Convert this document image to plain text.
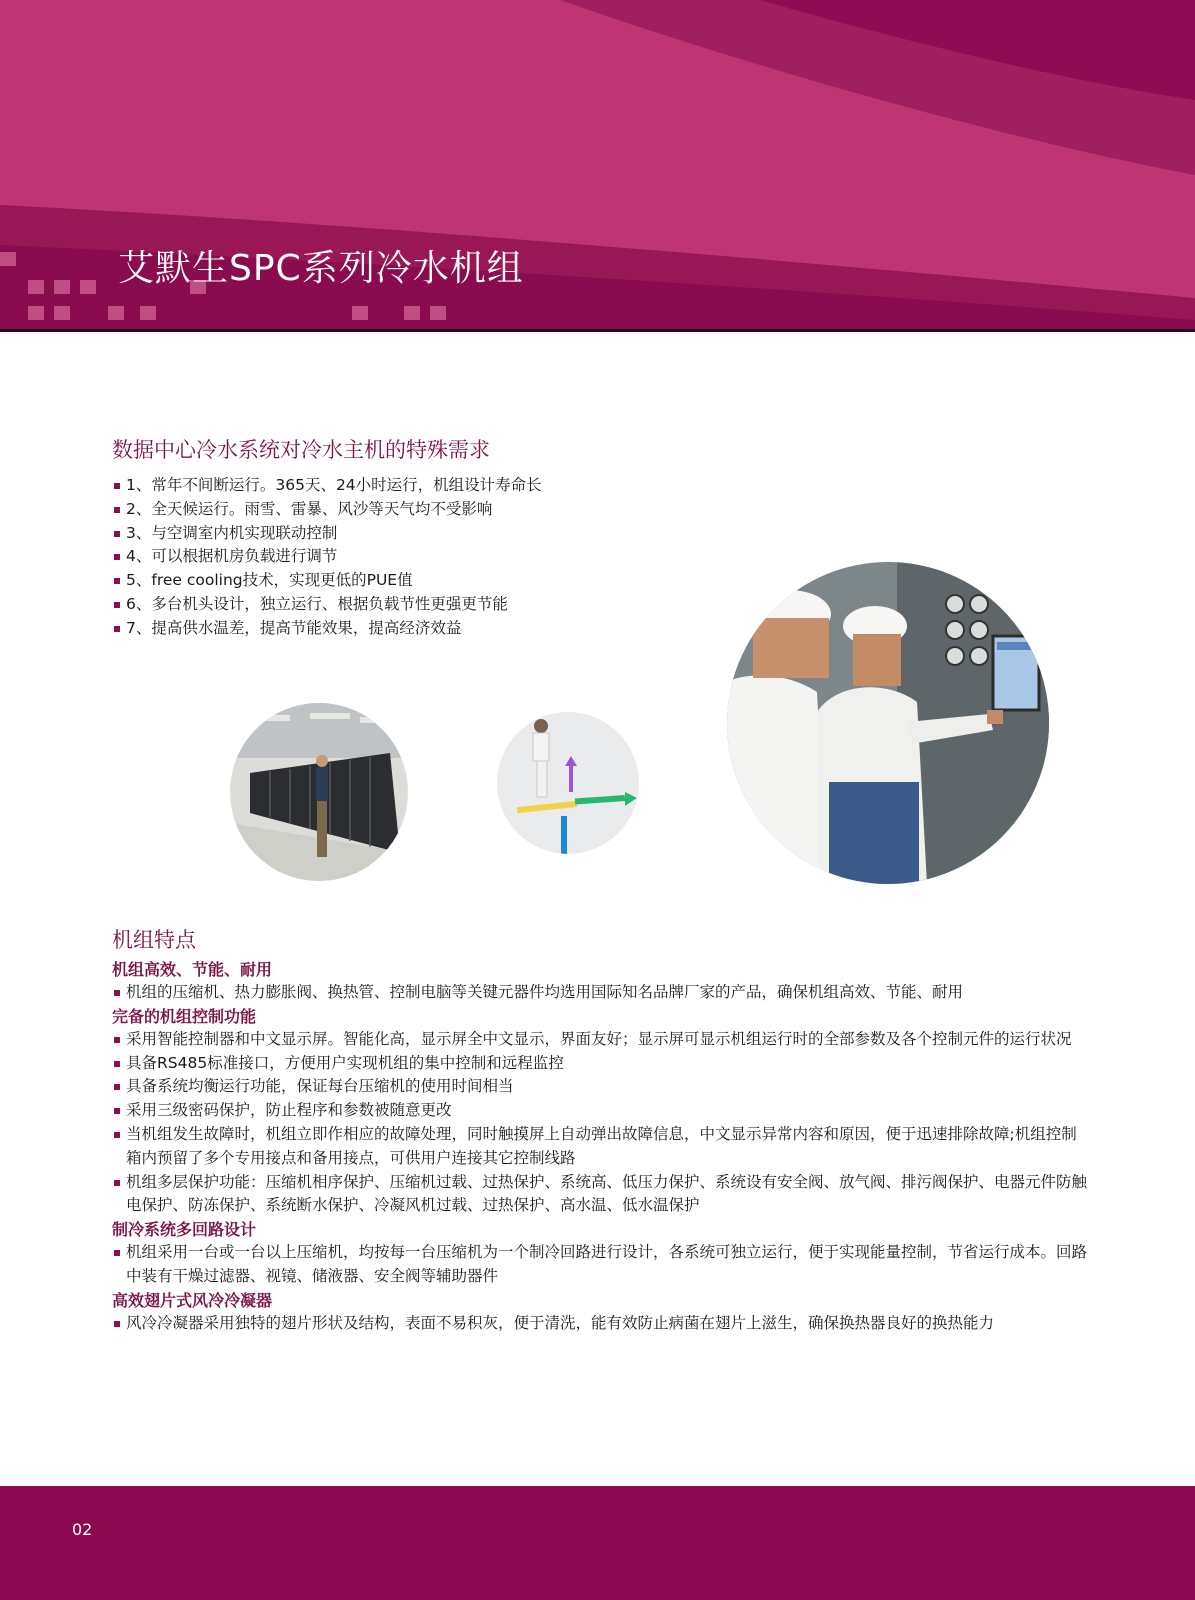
艾默生SPC系列冷水机组
数据中心冷水系统对冷水主机的特殊需求
1、常年不间断运行。365天、24小时运行，机组设计寿命长
2、全天候运行。雨雪、雷暴、风沙等天气均不受影响
3、与空调室内机实现联动控制
4、可以根据机房负载进行调节
5、free cooling技术，实现更低的PUE值
6、多台机头设计，独立运行、根据负载节性更强更节能
7、提高供水温差，提高节能效果，提高经济效益
机组特点
机组高效、节能、耐用
机组的压缩机、热力膨胀阀、换热管、控制电脑等关键元器件均选用国际知名品牌厂家的产品，确保机组高效、节能、耐用
完备的机组控制功能
采用智能控制器和中文显示屏。智能化高，显示屏全中文显示，界面友好；显示屏可显示机组运行时的全部参数及各个控制元件的运行状况
具备RS485标准接口，方便用户实现机组的集中控制和远程监控
具备系统均衡运行功能，保证每台压缩机的使用时间相当
采用三级密码保护，防止程序和参数被随意更改
当机组发生故障时，机组立即作相应的故障处理，同时触摸屏上自动弹出故障信息，中文显示异常内容和原因，便于迅速排除故障;机组控制箱内预留了多个专用接点和备用接点，可供用户连接其它控制线路
机组多层保护功能：压缩机相序保护、压缩机过载、过热保护、系统高、低压力保护、系统设有安全阀、放气阀、排污阀保护、电器元件防触电保护、防冻保护、系统断水保护、冷凝风机过载、过热保护、高水温、低水温保护
制冷系统多回路设计
机组采用一台或一台以上压缩机，均按每一台压缩机为一个制冷回路进行设计，各系统可独立运行，便于实现能量控制，节省运行成本。回路中装有干燥过滤器、视镜、储液器、安全阀等辅助器件
高效翅片式风冷冷凝器
风冷冷凝器采用独特的翅片形状及结构，表面不易积灰，便于清洗，能有效防止病菌在翅片上滋生，确保换热器良好的换热能力
02
